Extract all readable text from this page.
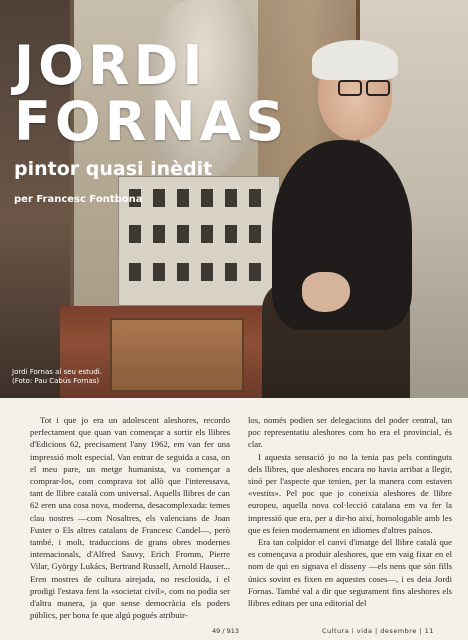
JORDI
FORNAS
pintor quasi inèdit

per Francesc Fontbona

Jordi Fornas al seu estudi.
(Foto: Pau Cabús Fornas)

Tot i que jo era un adolescent aleshores, recordo perfectament que quan van començar a sortir els llibres d'Edicions 62, precisament l'any 1962, em van fer una impressió molt especial. Van entrar de seguida a casa, on el meu pare, un metge humanista, va començar a comprar-los, com comprava tot allò que l'interessava, tant de llibre català com universal. Aquells llibres de can 62 eren una cosa nova, moderna, desacomplexada: temes clau nostres —com Nosaltres, els valencians de Joan Fuster o Els altres catalans de Francesc Candel—, però també, i molt, traduccions de grans obres modernes internacionals, d'Alfred Sauvy, Erich Fromm, Pierre Vilar, György Lukács, Bertrand Russell, Arnold Hauser... Eren mostres de cultura airejada, no resclosida, i el prodigi l'estava fent la «societat civil», com no podia ser d'altra manera, ja que sense democràcia els poders públics, per bona fe que algú pogués atribuir-

los, només podien ser delegacions del poder central, tan poc representatiu aleshores com ho era el provincial, és clar.

I aquesta sensació jo no la tenia pas pels continguts dels llibres, que aleshores encara no havia arribat a llegir, sinó per l'aspecte que tenien, per la manera com estaven «vestits». Pel poc que jo coneixia aleshores de llibre europeu, aquella nova col·lecció catalana em va fer la impressió que era, per a dir-ho així, homologable amb les que es feien modernament en idiomes d'altres països.

Era tan colpidor el canvi d'imatge del llibre català que es començava a produir aleshores, que em vaig fixar en el nom de qui en signava el disseny —els nens que són fills únics sovint es fixen en aquestes coses—, i es deia Jordi Fornas. També val a dir que segurament fins aleshores els llibres editats per una editorial del

49 / 913	Cultura i vida | desembre | 11
